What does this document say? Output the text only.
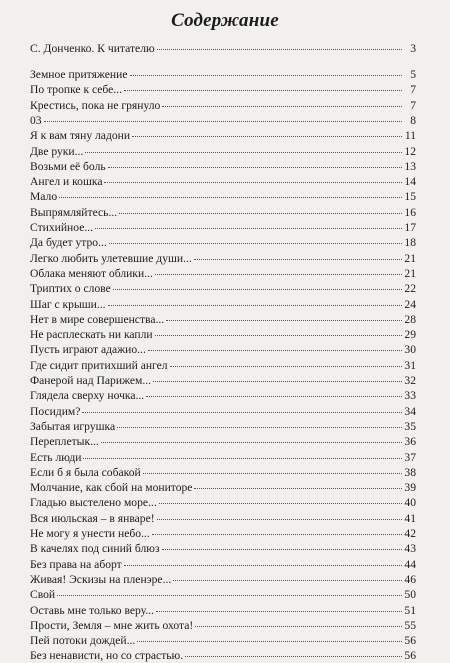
Содержание
С. Донченко. К читателю	3
Земное притяжение	5
По тропке к себе...	7
Крестись, пока не грянуло	7
03	8
Я к вам тяну ладони	11
Две руки...	12
Возьми её боль	13
Ангел и кошка	14
Мало	15
Выпрямляйтесь...	16
Стихийное...	17
Да будет утро...	18
Легко любить улетевшие души...	21
Облака меняют облики...	21
Триптих о слове	22
Шаг с крыши...	24
Нет в мире совершенства...	28
Не расплескать ни капли	29
Пусть играют адажио...	30
Где сидит притихший ангел	31
Фанерой над Парижем...	32
Глядела сверху ночка...	33
Посидим?	34
Забытая игрушка	35
Переплетык...	36
Есть люди	37
Если б я была собакой	38
Молчание, как сбой на мониторе	39
Гладью выстелено море...	40
Вся июльская – в январе!	41
Не могу я унести небо...	42
В качелях под синий блюз	43
Без права на аборт	44
Живая! Эскизы на пленэре...	46
Свой	50
Оставь мне только веру...	51
Прости, Земля – мне жить охота!	55
Пей потоки дождей...	56
Без ненависти, но со страстью.	56
